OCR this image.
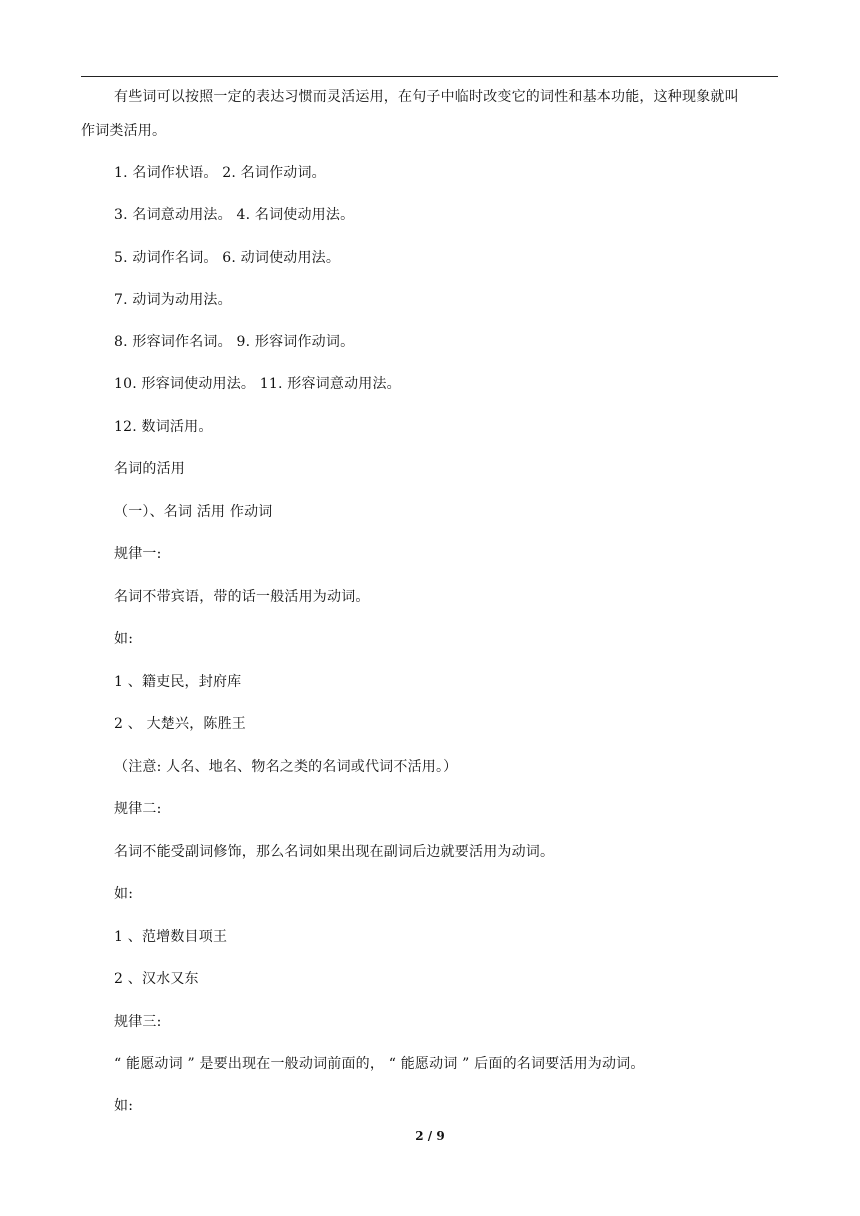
有些词可以按照一定的表达习惯而灵活运用，在句子中临时改变它的词性和基本功能，这种现象就叫
作词类活用。
1. 名词作状语。 2. 名词作动词。
3. 名词意动用法。 4. 名词使动用法。
5. 动词作名词。 6. 动词使动用法。
7. 动词为动用法。
8. 形容词作名词。 9. 形容词作动词。
10. 形容词使动用法。 11. 形容词意动用法。
12. 数词活用。
名词的活用
（一）、名词 活用 作动词
规律一:
名词不带宾语，带的话一般活用为动词。
如:
1 、籍吏民，封府库
2 、 大楚兴，陈胜王
（注意: 人名、地名、物名之类的名词或代词不活用。）
规律二:
名词不能受副词修饰，那么名词如果出现在副词后边就要活用为动词。
如:
1 、范增数目项王
2 、汉水又东
规律三:
“ 能愿动词 ” 是要出现在一般动词前面的， “ 能愿动词 ” 后面的名词要活用为动词。
如:
2 / 9
